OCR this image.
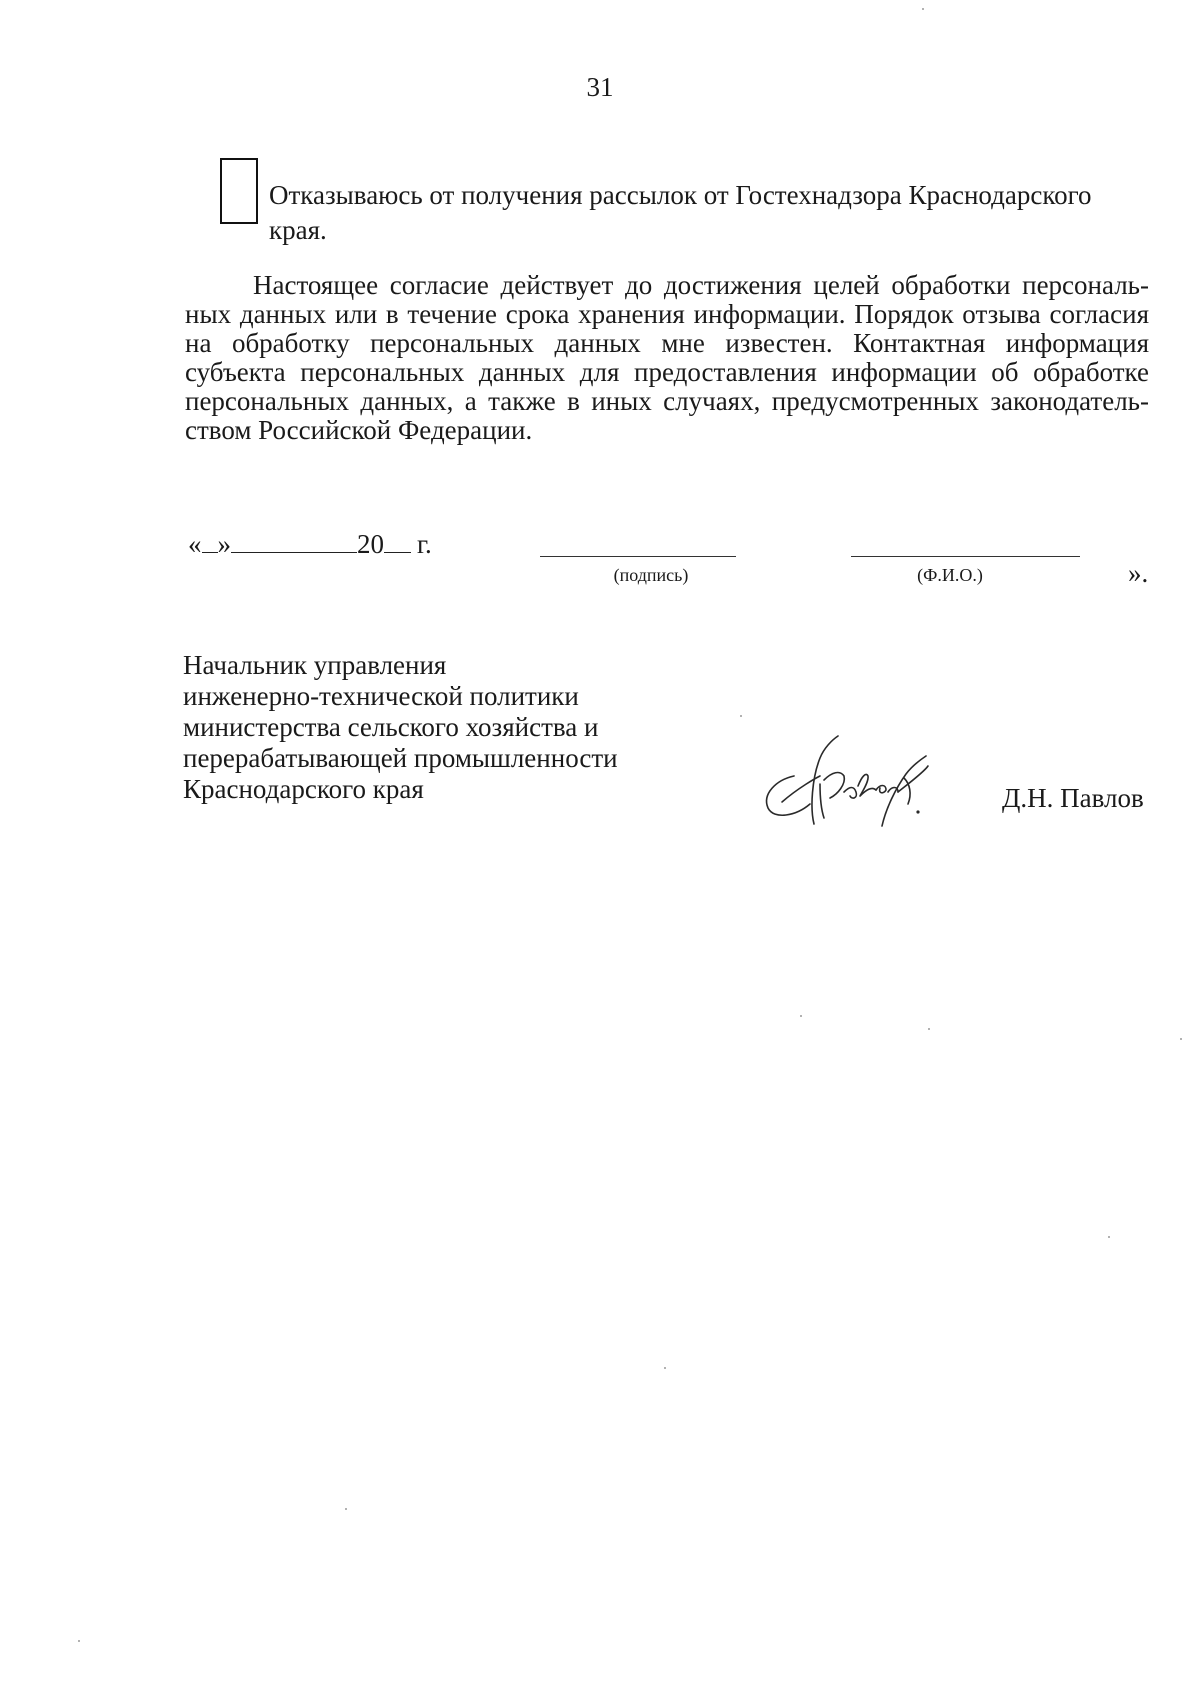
31
Отказываюсь от получения рассылок от Гостехнадзора Краснодарского края.
Настоящее согласие действует до достижения целей обработки персональных данных или в течение срока хранения информации. Порядок отзыва согласия на обработку персональных данных мне известен. Контактная информация субъекта персональных данных для предоставления информации об обработке персональных данных, а также в иных случаях, предусмотренных законодательством Российской Федерации.
« »	20 г.
(подпись)	(Ф.И.О.)	».
Начальник управления
инженерно-технической политики
министерства сельского хозяйства и
перерабатывающей промышленности
Краснодарского края	Д.Н. Павлов
